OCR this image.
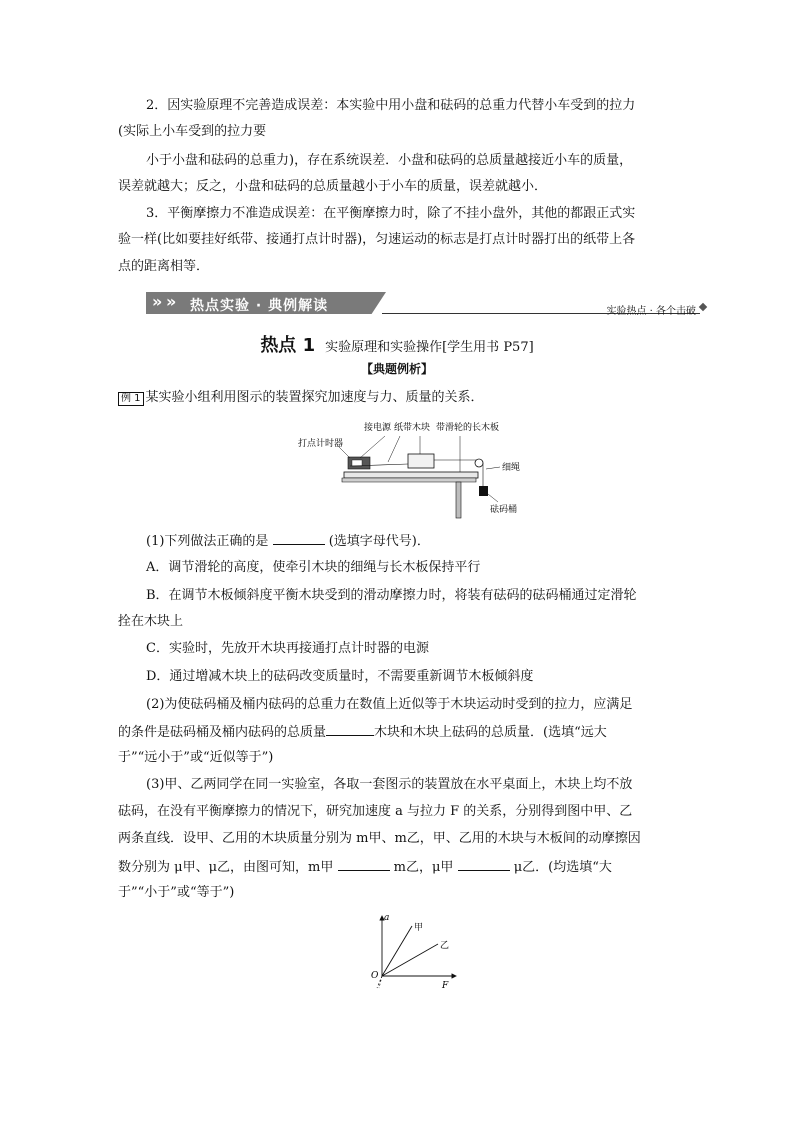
2．因实验原理不完善造成误差：本实验中用小盘和砝码的总重力代替小车受到的拉力
(实际上小车受到的拉力要
小于小盘和砝码的总重力)，存在系统误差．小盘和砝码的总质量越接近小车的质量，
误差就越大；反之，小盘和砝码的总质量越小于小车的质量，误差就越小．
3．平衡摩擦力不准造成误差：在平衡摩擦力时，除了不挂小盘外，其他的都跟正式实
验一样(比如要挂好纸带、接通打点计时器)，匀速运动的标志是打点计时器打出的纸带上各
点的距离相等．
» » 热点实验 · 典例解读	实验热点 · 各个击破
热点 1 实验原理和实验操作[学生用书 P57]
【典题例析】
例 1 某实验小组利用图示的装置探究加速度与力、质量的关系．
接电源 纸带 木块 带滑轮的长木板
打点计时器
细绳
砝码桶
(1)下列做法正确的是	(选填字母代号)．
A．调节滑轮的高度，使牵引木块的细绳与长木板保持平行
B．在调节木板倾斜度平衡木块受到的滑动摩擦力时，将装有砝码的砝码桶通过定滑轮
拴在木块上
C．实验时，先放开木块再接通打点计时器的电源
D．通过增减木块上的砝码改变质量时，不需要重新调节木板倾斜度
(2)为使砝码桶及桶内砝码的总重力在数值上近似等于木块运动时受到的拉力，应满足
的条件是砝码桶及桶内砝码的总质量	木块和木块上砝码的总质量．(选填“远大
于”“远小于”或“近似等于”)
(3)甲、乙两同学在同一实验室，各取一套图示的装置放在水平桌面上，木块上均不放
砝码，在没有平衡摩擦力的情况下，研究加速度 a 与拉力 F 的关系，分别得到图中甲、乙
两条直线．设甲、乙用的木块质量分别为 m甲、m乙，甲、乙用的木块与木板间的动摩擦因
数分别为 μ甲、μ乙，由图可知，m甲	m乙，μ甲	μ乙．(均选填“大
于”“小于”或“等于”)
a
F
O
甲
乙
